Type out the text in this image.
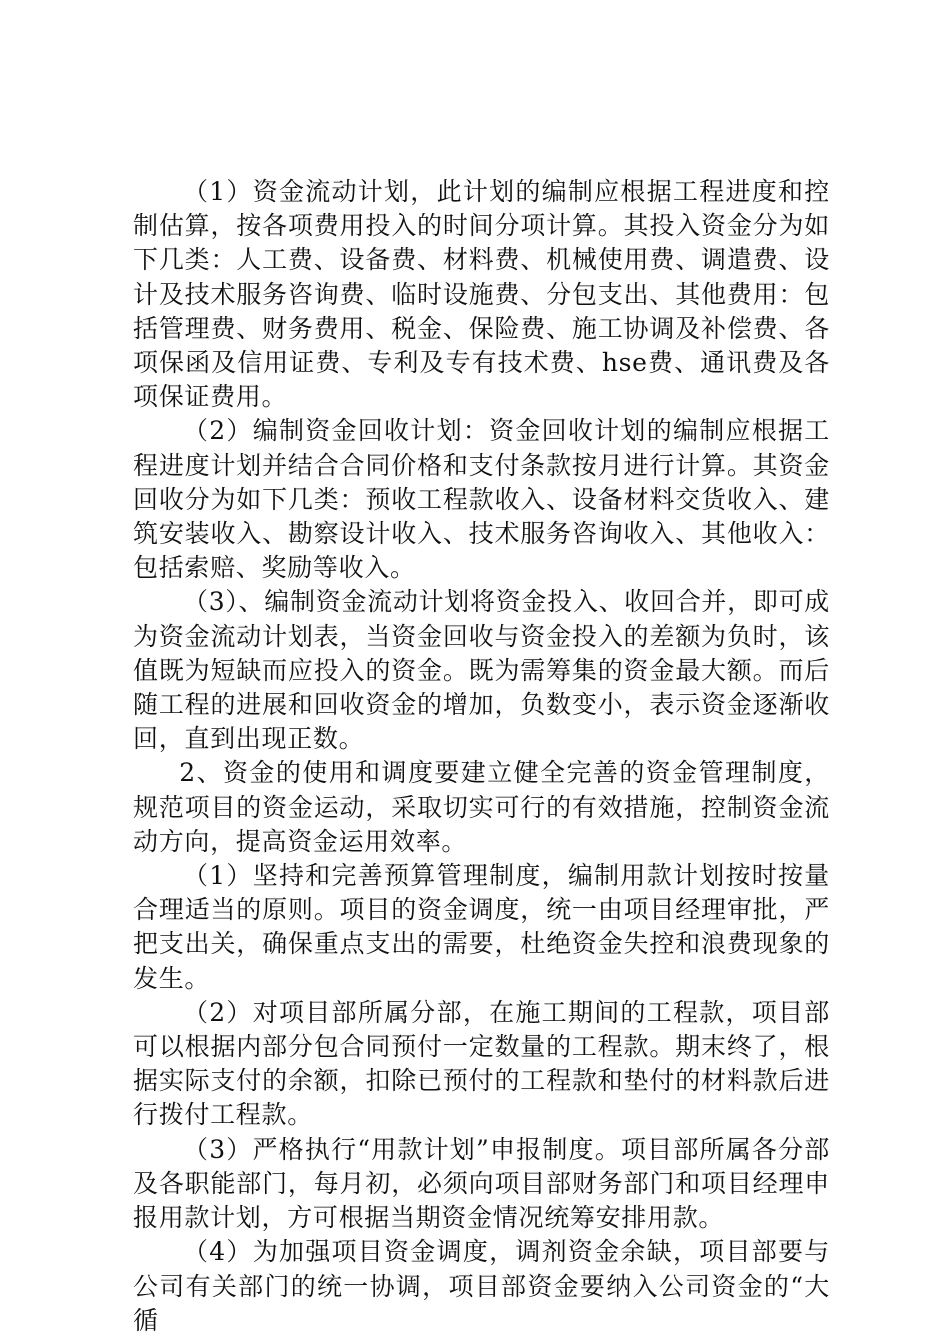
（1）资金流动计划，此计划的编制应根据工程进度和控制估算，按各项费用投入的时间分项计算。其投入资金分为如下几类：人工费、设备费、材料费、机械使用费、调遣费、设计及技术服务咨询费、临时设施费、分包支出、其他费用：包括管理费、财务费用、税金、保险费、施工协调及补偿费、各项保函及信用证费、专利及专有技术费、hse费、通讯费及各项保证费用。

（2）编制资金回收计划：资金回收计划的编制应根据工程进度计划并结合合同价格和支付条款按月进行计算。其资金回收分为如下几类：预收工程款收入、设备材料交货收入、建筑安装收入、勘察设计收入、技术服务咨询收入、其他收入：包括索赔、奖励等收入。

（3）、编制资金流动计划将资金投入、收回合并，即可成为资金流动计划表，当资金回收与资金投入的差额为负时，该值既为短缺而应投入的资金。既为需筹集的资金最大额。而后随工程的进展和回收资金的增加，负数变小，表示资金逐渐收回，直到出现正数。

2、资金的使用和调度要建立健全完善的资金管理制度，规范项目的资金运动，采取切实可行的有效措施，控制资金流动方向，提高资金运用效率。

（1）坚持和完善预算管理制度，编制用款计划按时按量合理适当的原则。项目的资金调度，统一由项目经理审批，严把支出关，确保重点支出的需要，杜绝资金失控和浪费现象的发生。

（2）对项目部所属分部，在施工期间的工程款，项目部可以根据内部分包合同预付一定数量的工程款。期末终了，根据实际支付的余额，扣除已预付的工程款和垫付的材料款后进行拨付工程款。

（3）严格执行“用款计划”申报制度。项目部所属各分部及各职能部门，每月初，必须向项目部财务部门和项目经理申报用款计划，方可根据当期资金情况统筹安排用款。

（4）为加强项目资金调度，调剂资金余缺，项目部要与公司有关部门的统一协调，项目部资金要纳入公司资金的“大循
